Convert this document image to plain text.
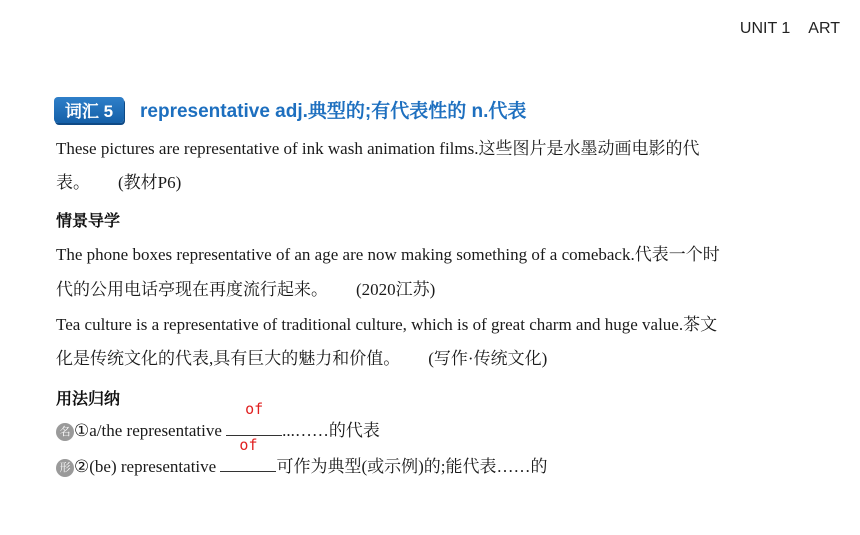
UNIT 1 ART
词汇 5	representative adj.典型的;有代表性的 n.代表
These pictures are representative of ink wash animation films.这些图片是水墨动画电影的代
表。 (教材P6)
情景导学
The phone boxes representative of an age are now making something of a comeback.代表一个时
代的公用电话亭现在再度流行起来。 (2020江苏)
Tea culture is a representative of traditional culture, which is of great charm and huge value.茶文
化是传统文化的代表,具有巨大的魅力和价值。 (写作·传统文化)
用法归纳
名 ①a/the representative
of
...……的代表
形 ②(be) representative
of
可作为典型(或示例)的;能代表……的
